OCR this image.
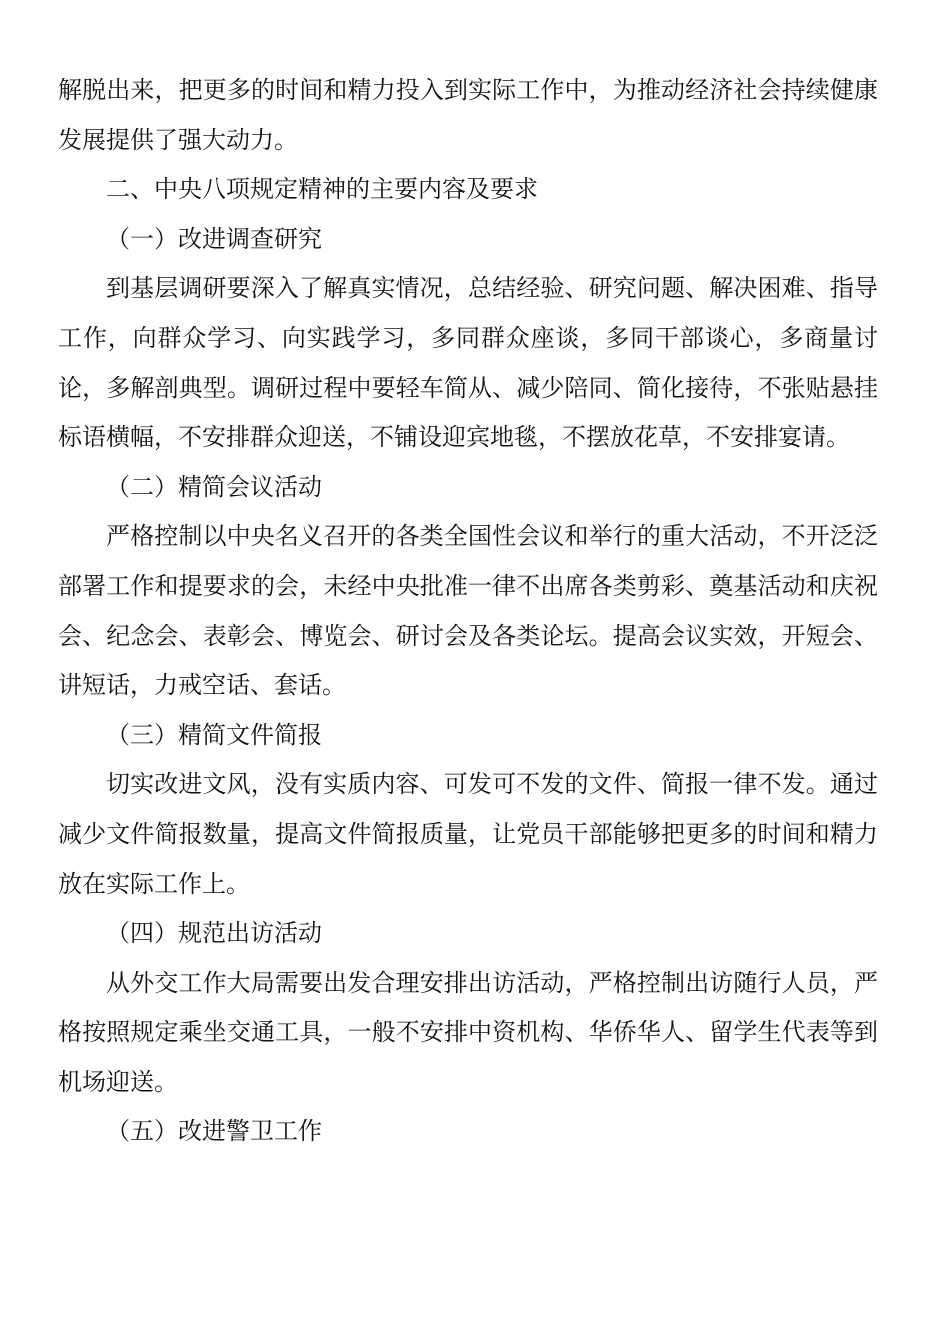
解脱出来，把更多的时间和精力投入到实际工作中，为推动经济社会持续健康发展提供了强大动力。

二、中央八项规定精神的主要内容及要求

（一）改进调查研究

到基层调研要深入了解真实情况，总结经验、研究问题、解决困难、指导工作，向群众学习、向实践学习，多同群众座谈，多同干部谈心，多商量讨论，多解剖典型。调研过程中要轻车简从、减少陪同、简化接待，不张贴悬挂标语横幅，不安排群众迎送，不铺设迎宾地毯，不摆放花草，不安排宴请。

（二）精简会议活动

严格控制以中央名义召开的各类全国性会议和举行的重大活动，不开泛泛部署工作和提要求的会，未经中央批准一律不出席各类剪彩、奠基活动和庆祝会、纪念会、表彰会、博览会、研讨会及各类论坛。提高会议实效，开短会、讲短话，力戒空话、套话。

（三）精简文件简报

切实改进文风，没有实质内容、可发可不发的文件、简报一律不发。通过减少文件简报数量，提高文件简报质量，让党员干部能够把更多的时间和精力放在实际工作上。

（四）规范出访活动

从外交工作大局需要出发合理安排出访活动，严格控制出访随行人员，严格按照规定乘坐交通工具，一般不安排中资机构、华侨华人、留学生代表等到机场迎送。

（五）改进警卫工作
